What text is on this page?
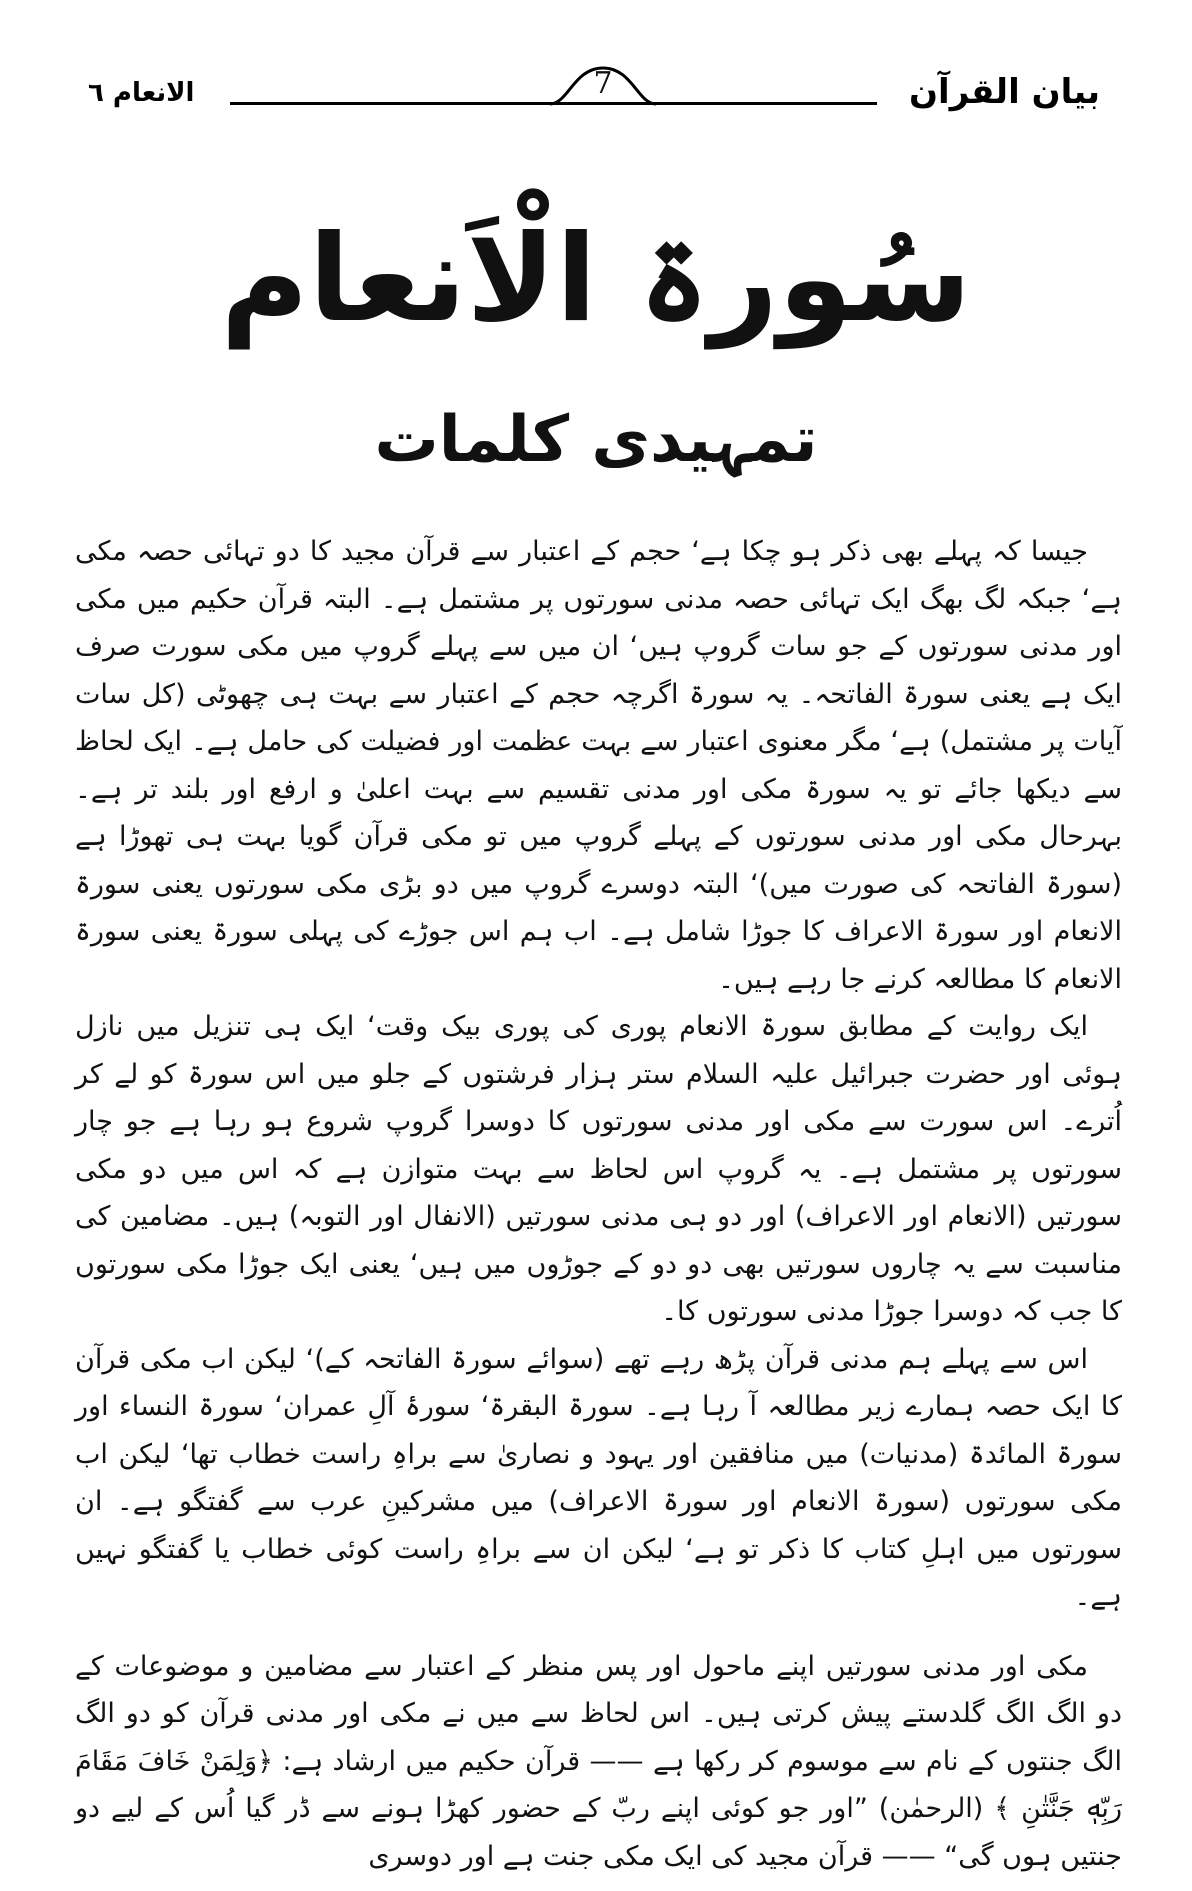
بیان القرآن
7
الانعام ٦
سُورۃ الْاَنعام
تمہیدی کلمات

جیسا کہ پہلے بھی ذکر ہو چکا ہے‘ حجم کے اعتبار سے قرآن مجید کا دو تہائی حصہ مکی ہے‘ جبکہ لگ بھگ ایک تہائی حصہ مدنی سورتوں پر مشتمل ہے۔ البتہ قرآن حکیم میں مکی اور مدنی سورتوں کے جو سات گروپ ہیں‘ ان میں سے پہلے گروپ میں مکی سورت صرف ایک ہے یعنی سورۃ الفاتحہ۔ یہ سورۃ اگرچہ حجم کے اعتبار سے بہت ہی چھوٹی (کل سات آیات پر مشتمل) ہے‘ مگر معنوی اعتبار سے بہت عظمت اور فضیلت کی حامل ہے۔ ایک لحاظ سے دیکھا جائے تو یہ سورۃ مکی اور مدنی تقسیم سے بہت اعلیٰ و ارفع اور بلند تر ہے۔ بہرحال مکی اور مدنی سورتوں کے پہلے گروپ میں تو مکی قرآن گویا بہت ہی تھوڑا ہے (سورۃ الفاتحہ کی صورت میں)‘ البتہ دوسرے گروپ میں دو بڑی مکی سورتوں یعنی سورۃ الانعام اور سورۃ الاعراف کا جوڑا شامل ہے۔ اب ہم اس جوڑے کی پہلی سورۃ یعنی سورۃ الانعام کا مطالعہ کرنے جا رہے ہیں۔

ایک روایت کے مطابق سورۃ الانعام پوری کی پوری بیک وقت‘ ایک ہی تنزیل میں نازل ہوئی اور حضرت جبرائیل علیہ السلام ستر ہزار فرشتوں کے جلو میں اس سورۃ کو لے کر اُترے۔ اس سورت سے مکی اور مدنی سورتوں کا دوسرا گروپ شروع ہو رہا ہے جو چار سورتوں پر مشتمل ہے۔ یہ گروپ اس لحاظ سے بہت متوازن ہے کہ اس میں دو مکی سورتیں (الانعام اور الاعراف) اور دو ہی مدنی سورتیں (الانفال اور التوبہ) ہیں۔ مضامین کی مناسبت سے یہ چاروں سورتیں بھی دو دو کے جوڑوں میں ہیں‘ یعنی ایک جوڑا مکی سورتوں کا جب کہ دوسرا جوڑا مدنی سورتوں کا۔

اس سے پہلے ہم مدنی قرآن پڑھ رہے تھے (سوائے سورۃ الفاتحہ کے)‘ لیکن اب مکی قرآن کا ایک حصہ ہمارے زیر مطالعہ آ رہا ہے۔ سورۃ البقرۃ‘ سورۂ آلِ عمران‘ سورۃ النساء اور سورۃ المائدۃ (مدنیات) میں منافقین اور یہود و نصاریٰ سے براہِ راست خطاب تھا‘ لیکن اب مکی سورتوں (سورۃ الانعام اور سورۃ الاعراف) میں مشرکینِ عرب سے گفتگو ہے۔ ان سورتوں میں اہلِ کتاب کا ذکر تو ہے‘ لیکن ان سے براہِ راست کوئی خطاب یا گفتگو نہیں ہے۔

مکی اور مدنی سورتیں اپنے ماحول اور پس منظر کے اعتبار سے مضامین و موضوعات کے دو الگ الگ گلدستے پیش کرتی ہیں۔ اس لحاظ سے میں نے مکی اور مدنی قرآن کو دو الگ الگ جنتوں کے نام سے موسوم کر رکھا ہے —— قرآن حکیم میں ارشاد ہے: ﴿وَلِمَنْ خَافَ مَقَامَ رَبِّهٖ جَنَّتٰنِ ﴾ (الرحمٰن) ”اور جو کوئی اپنے ربّ کے حضور کھڑا ہونے سے ڈر گیا اُس کے لیے دو جنتیں ہوں گی“ —— قرآن مجید کی ایک مکی جنت ہے اور دوسری
